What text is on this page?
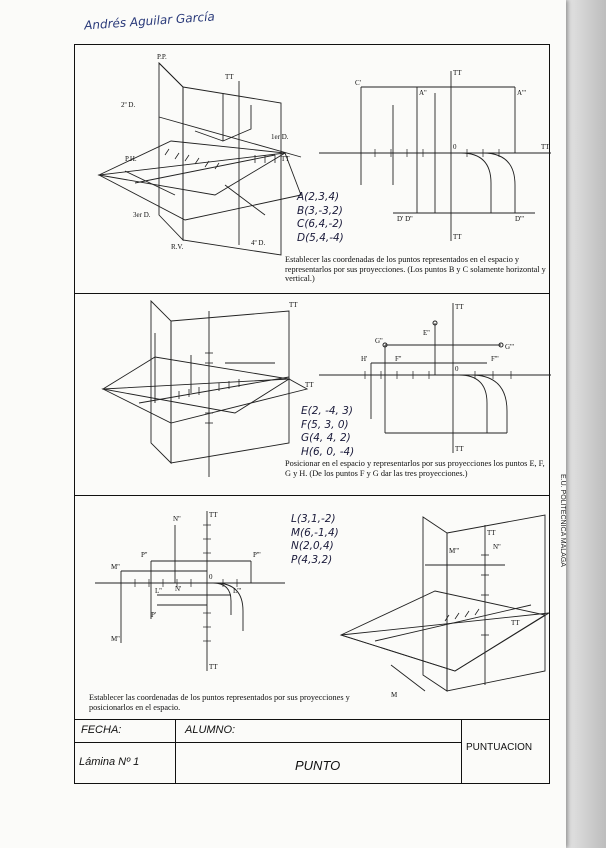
Andrés Aguilar García
P.P.
2º D.
1er D.
P.H.
3er D.
R.V.	4º D.
TT
TT
0
TT
TT
C'
A''	A'''
D' D''	D'''
TT
A(2,3,4)
B(3,-3,2)
C(6,4,-2)
D(5,4,-4)
Establecer las coordenadas de los puntos representados en el espacio y representarlos por sus proyecciones. (Los puntos B y C solamente horizontal y vertical.)
0
TT
TT
G''
G'''
E''
H'	F''	F'''
TT
TT
E(2, -4, 3)
F(5, 3, 0)
G(4, 4, 2)
H(6, 0, -4)
Posicionar en el espacio y representarlos por sus proyecciones los puntos E, F, G y H. (De los puntos F y G dar las tres proyecciones.)
TT
TT
0
N''
P''	P'''
M''
M''
N'
L''	L'''
P'
TT
N''
M'''
TT
M
L(3,1,-2)
M(6,-1,4)
N(2,0,4)
P(4,3,2)
Establecer las coordenadas de los puntos representados por sus proyecciones y posicionarlos en el espacio.
FECHA:	ALUMNO:
Lámina Nº 1	PUNTO
PUNTUACION
E.U. POLITECNICA MALAGA
